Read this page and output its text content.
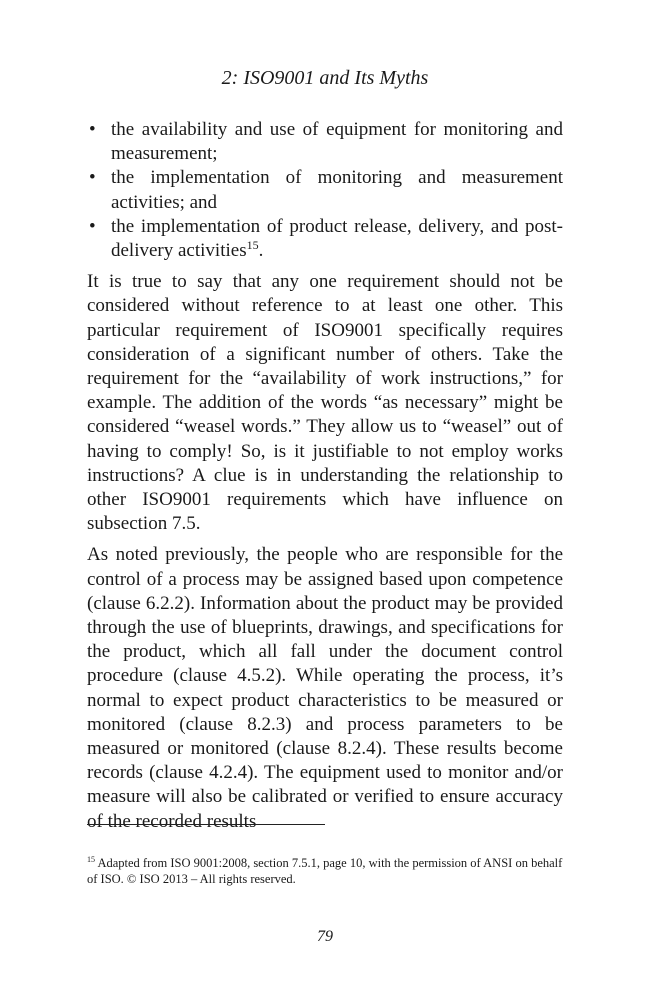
2: ISO9001 and Its Myths
• the availability and use of equipment for monitoring and measurement;
• the implementation of monitoring and measurement activities; and
• the implementation of product release, delivery, and post-delivery activities$^{15}$.

It is true to say that any one requirement should not be considered without reference to at least one other. This particular requirement of ISO9001 specifically requires consideration of a significant number of others. Take the requirement for the “availability of work instructions,” for example. The addition of the words “as necessary” might be considered “weasel words.” They allow us to “weasel” out of having to comply! So, is it justifiable to not employ works instructions? A clue is in understanding the relationship to other ISO9001 requirements which have influence on subsection 7.5.

As noted previously, the people who are responsible for the control of a process may be assigned based upon competence (clause 6.2.2). Information about the product may be provided through the use of blueprints, drawings, and specifications for the product, which all fall under the document control procedure (clause 4.5.2). While operating the process, it’s normal to expect product characteristics to be measured or monitored (clause 8.2.3) and process parameters to be measured or monitored (clause 8.2.4). These results become records (clause 4.2.4). The equipment used to monitor and/or measure will also be calibrated or verified to ensure accuracy of the recorded results

$^{15}$ Adapted from ISO 9001:2008, section 7.5.1, page 10, with the permission of ANSI on behalf of ISO. © ISO 2013 – All rights reserved.
79
